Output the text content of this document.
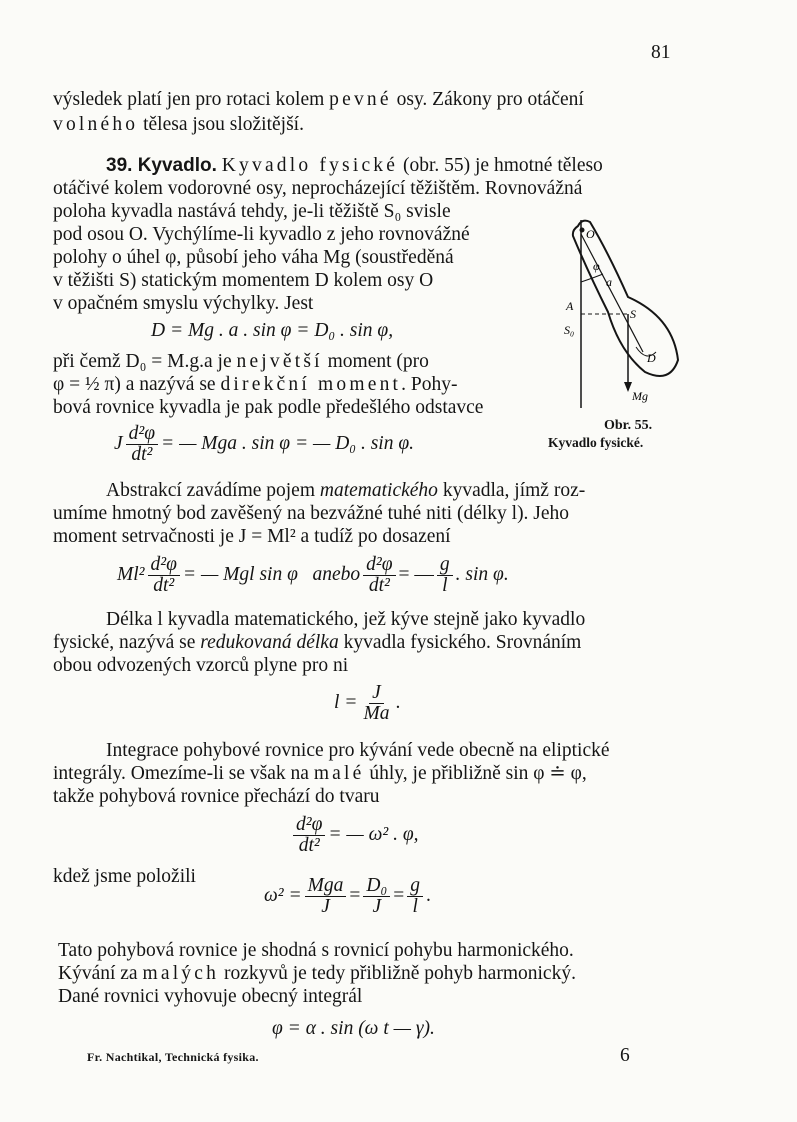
81
výsledek platí jen pro rotaci kolem pevné osy. Zákony pro otáčení
volného tělesa jsou složitější.
39. Kyvadlo. Kyvadlo fysické (obr. 55) je hmotné těleso
otáčivé kolem vodorovné osy, neprocházející těžištěm. Rovnovážná
poloha kyvadla nastává tehdy, je-li těžiště S₀ svisle
pod osou O. Vychýlíme-li kyvadlo z jeho rovnovážné
polohy o úhel φ, působí jeho váha Mg (soustředěná
v těžišti S) statickým momentem D kolem osy O
v opačném smyslu výchylky. Jest
D = Mg . a . sin φ = D₀ . sin φ,
při čemž D₀ = M.g.a je největší moment (pro
φ = ½ π) a nazývá se direkční moment. Pohy-
bová rovnice kyvadla je pak podle předešlého odstavce
J $\frac{\text{d²φ}}{\text{dt²}}$ = — Mga . sin φ = — D₀ . sin φ.
O
φ
a
A
S₀
S
D
Mg
Obr. 55.
Kyvadlo fysické.
Abstrakcí zavádíme pojem matematického kyvadla, jímž roz-
umíme hmotný bod zavěšený na bezvážné tuhé niti (délky l). Jeho
moment setrvačnosti je J = Ml² a tudíž po dosazení
$Ml^2 \frac{\text{d²φ}}{\text{dt²}}$ = — Mgl sin φ   anebo $\frac{\text{d²φ}}{\text{dt²}}$ = — $\frac{g}{l}$ . sin φ.
Délka l kyvadla matematického, jež kýve stejně jako kyvadlo
fysické, nazývá se redukovaná délka kyvadla fysického. Srovnáním
obou odvozených vzorců plyne pro ni
$l = \frac{J}{Ma}$ .
Integrace pohybové rovnice pro kývání vede obecně na eliptické
integrály. Omezíme-li se však na malé úhly, je přibližně sin φ ≐ φ,
takže pohybová rovnice přechází do tvaru
$\frac{\text{d²φ}}{\text{dt²}}$ = — ω² . φ,
kdež jsme položili
$\omega^2 = \frac{\text{Mga}}{J} = \frac{\text{D₀}}{J} = \frac{g}{l}$ .
Tato pohybová rovnice je shodná s rovnicí pohybu harmonického.
Kývání za malých rozkyvů je tedy přibližně pohyb harmonický.
Dané rovnici vyhovuje obecný integrál
φ = α . sin (ω t — γ).
Fr. Nachtikal, Technická fysika.	6
